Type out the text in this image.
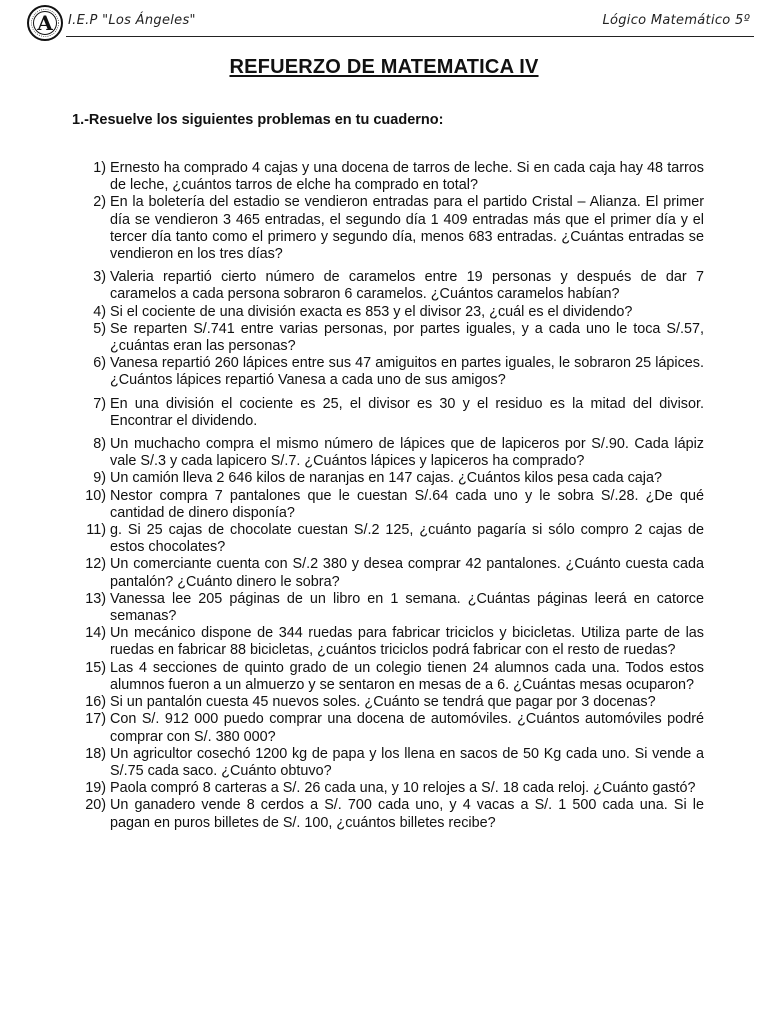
A	I.E.P "Los Ángeles"	Lógico Matemático 5º
REFUERZO DE MATEMATICA IV
1.-Resuelve los siguientes problemas en tu cuaderno:
1) Ernesto ha comprado 4 cajas y una docena de tarros de leche. Si en cada caja hay 48 tarros de leche, ¿cuántos tarros de elche ha comprado en total?
2) En la boletería del estadio se vendieron entradas para el partido Cristal – Alianza. El primer día se vendieron 3 465 entradas, el segundo día 1 409 entradas más que el primer día y el tercer día tanto como el primero y segundo día, menos 683 entradas. ¿Cuántas entradas se vendieron en los tres días?
3) Valeria repartió cierto número de caramelos entre 19 personas y después de dar 7 caramelos a cada persona sobraron 6 caramelos. ¿Cuántos caramelos habían?
4) Si el cociente de una división exacta es 853 y el divisor 23, ¿cuál es el dividendo?
5) Se reparten S/.741 entre varias personas, por partes iguales, y a cada uno le toca S/.57, ¿cuántas eran las personas?
6) Vanesa repartió 260 lápices entre sus 47 amiguitos en partes iguales, le sobraron 25 lápices. ¿Cuántos lápices repartió Vanesa a cada uno de sus amigos?
7) En una división el cociente es 25, el divisor es 30 y el residuo es la mitad del divisor. Encontrar el dividendo.
8) Un muchacho compra el mismo número de lápices que de lapiceros por S/.90. Cada lápiz vale S/.3 y cada lapicero S/.7. ¿Cuántos lápices y lapiceros ha comprado?
9) Un camión lleva 2 646 kilos de naranjas en 147 cajas. ¿Cuántos kilos pesa cada caja?
10) Nestor compra 7 pantalones que le cuestan S/.64 cada uno y le sobra S/.28. ¿De qué cantidad de dinero disponía?
11) g. Si 25 cajas de chocolate cuestan S/.2 125, ¿cuánto pagaría si sólo compro 2 cajas de estos chocolates?
12) Un comerciante cuenta con S/.2 380 y desea comprar 42 pantalones. ¿Cuánto cuesta cada pantalón? ¿Cuánto dinero le sobra?
13) Vanessa lee 205 páginas de un libro en 1 semana. ¿Cuántas páginas leerá en catorce semanas?
14) Un mecánico dispone de 344 ruedas para fabricar triciclos y bicicletas. Utiliza parte de las ruedas en fabricar 88 bicicletas, ¿cuántos triciclos podrá fabricar con el resto de ruedas?
15) Las 4 secciones de quinto grado de un colegio tienen 24 alumnos cada una. Todos estos alumnos fueron a un almuerzo y se sentaron en mesas de a 6. ¿Cuántas mesas ocuparon?
16) Si un pantalón cuesta 45 nuevos soles. ¿Cuánto se tendrá que pagar por 3 docenas?
17) Con S/. 912 000 puedo comprar una docena de automóviles. ¿Cuántos automóviles podré comprar con S/. 380 000?
18) Un agricultor cosechó 1200 kg de papa y los llena en sacos de 50 Kg cada uno. Si vende a S/.75 cada saco. ¿Cuánto obtuvo?
19) Paola compró 8 carteras a S/. 26 cada una, y 10 relojes a S/. 18 cada reloj. ¿Cuánto gastó?
20) Un ganadero vende 8 cerdos a S/. 700 cada uno, y 4 vacas a S/. 1 500 cada una. Si le pagan en puros billetes de S/. 100, ¿cuántos billetes recibe?
